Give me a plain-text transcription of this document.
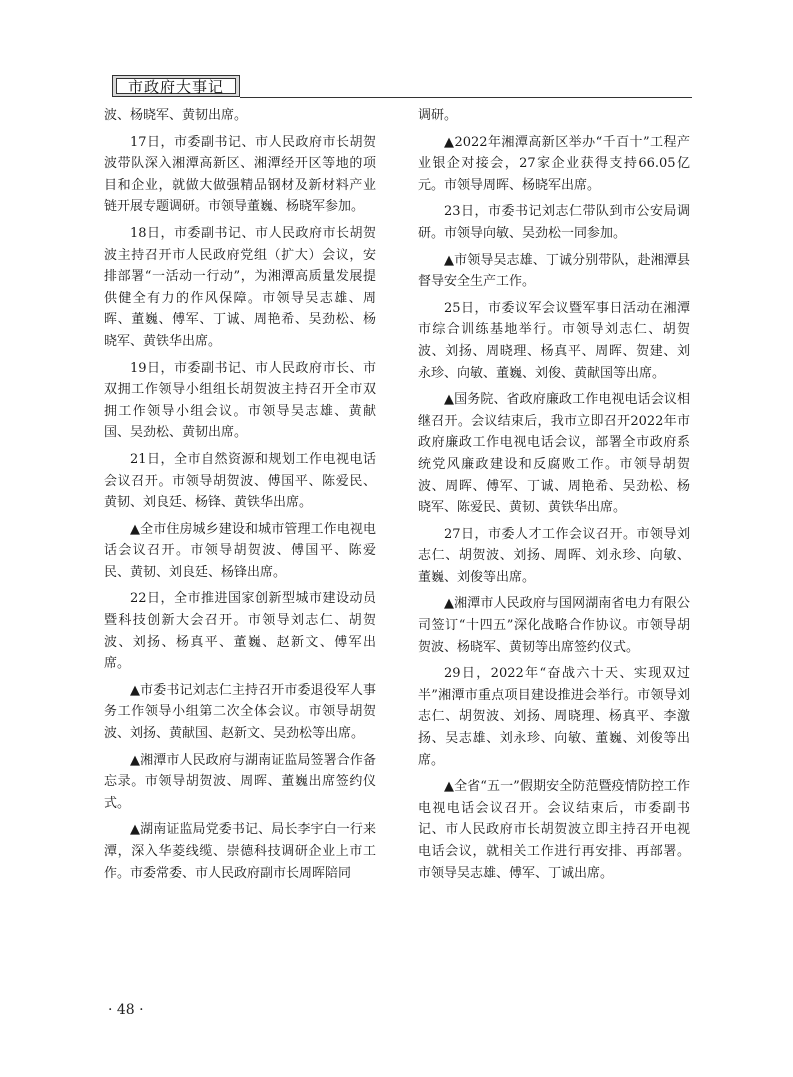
市政府大事记

波、杨晓军、黄韧出席。

17日，市委副书记、市人民政府市长胡贺波带队深入湘潭高新区、湘潭经开区等地的项目和企业，就做大做强精品钢材及新材料产业链开展专题调研。市领导董巍、杨晓军参加。

18日，市委副书记、市人民政府市长胡贺波主持召开市人民政府党组（扩大）会议，安排部署“一活动一行动”，为湘潭高质量发展提供健全有力的作风保障。市领导吴志雄、周晖、董巍、傅军、丁诚、周艳希、吴劲松、杨晓军、黄铁华出席。

19日，市委副书记、市人民政府市长、市双拥工作领导小组组长胡贺波主持召开全市双拥工作领导小组会议。市领导吴志雄、黄献国、吴劲松、黄韧出席。

21日，全市自然资源和规划工作电视电话会议召开。市领导胡贺波、傅国平、陈爱民、黄韧、刘良廷、杨锋、黄铁华出席。

▲全市住房城乡建设和城市管理工作电视电话会议召开。市领导胡贺波、傅国平、陈爱民、黄韧、刘良廷、杨锋出席。

22日，全市推进国家创新型城市建设动员暨科技创新大会召开。市领导刘志仁、胡贺波、刘扬、杨真平、董巍、赵新文、傅军出席。

▲市委书记刘志仁主持召开市委退役军人事务工作领导小组第二次全体会议。市领导胡贺波、刘扬、黄献国、赵新文、吴劲松等出席。

▲湘潭市人民政府与湖南证监局签署合作备忘录。市领导胡贺波、周晖、董巍出席签约仪式。

▲湖南证监局党委书记、局长李宇白一行来潭，深入华菱线缆、崇德科技调研企业上市工作。市委常委、市人民政府副市长周晖陪同

调研。

▲2022年湘潭高新区举办“千百十”工程产业银企对接会，27家企业获得支持66.05亿元。市领导周晖、杨晓军出席。

23日，市委书记刘志仁带队到市公安局调研。市领导向敏、吴劲松一同参加。

▲市领导吴志雄、丁诚分别带队，赴湘潭县督导安全生产工作。

25日，市委议军会议暨军事日活动在湘潭市综合训练基地举行。市领导刘志仁、胡贺波、刘扬、周晓理、杨真平、周晖、贺建、刘永珍、向敏、董巍、刘俊、黄献国等出席。

▲国务院、省政府廉政工作电视电话会议相继召开。会议结束后，我市立即召开2022年市政府廉政工作电视电话会议，部署全市政府系统党风廉政建设和反腐败工作。市领导胡贺波、周晖、傅军、丁诚、周艳希、吴劲松、杨晓军、陈爱民、黄韧、黄铁华出席。

27日，市委人才工作会议召开。市领导刘志仁、胡贺波、刘扬、周晖、刘永珍、向敏、董巍、刘俊等出席。

▲湘潭市人民政府与国网湖南省电力有限公司签订“十四五”深化战略合作协议。市领导胡贺波、杨晓军、黄韧等出席签约仪式。

29日，2022年“奋战六十天、实现双过半”湘潭市重点项目建设推进会举行。市领导刘志仁、胡贺波、刘扬、周晓理、杨真平、李激扬、吴志雄、刘永珍、向敏、董巍、刘俊等出席。

▲全省“五一”假期安全防范暨疫情防控工作电视电话会议召开。会议结束后，市委副书记、市人民政府市长胡贺波立即主持召开电视电话会议，就相关工作进行再安排、再部署。市领导吴志雄、傅军、丁诚出席。

· 48 ·
